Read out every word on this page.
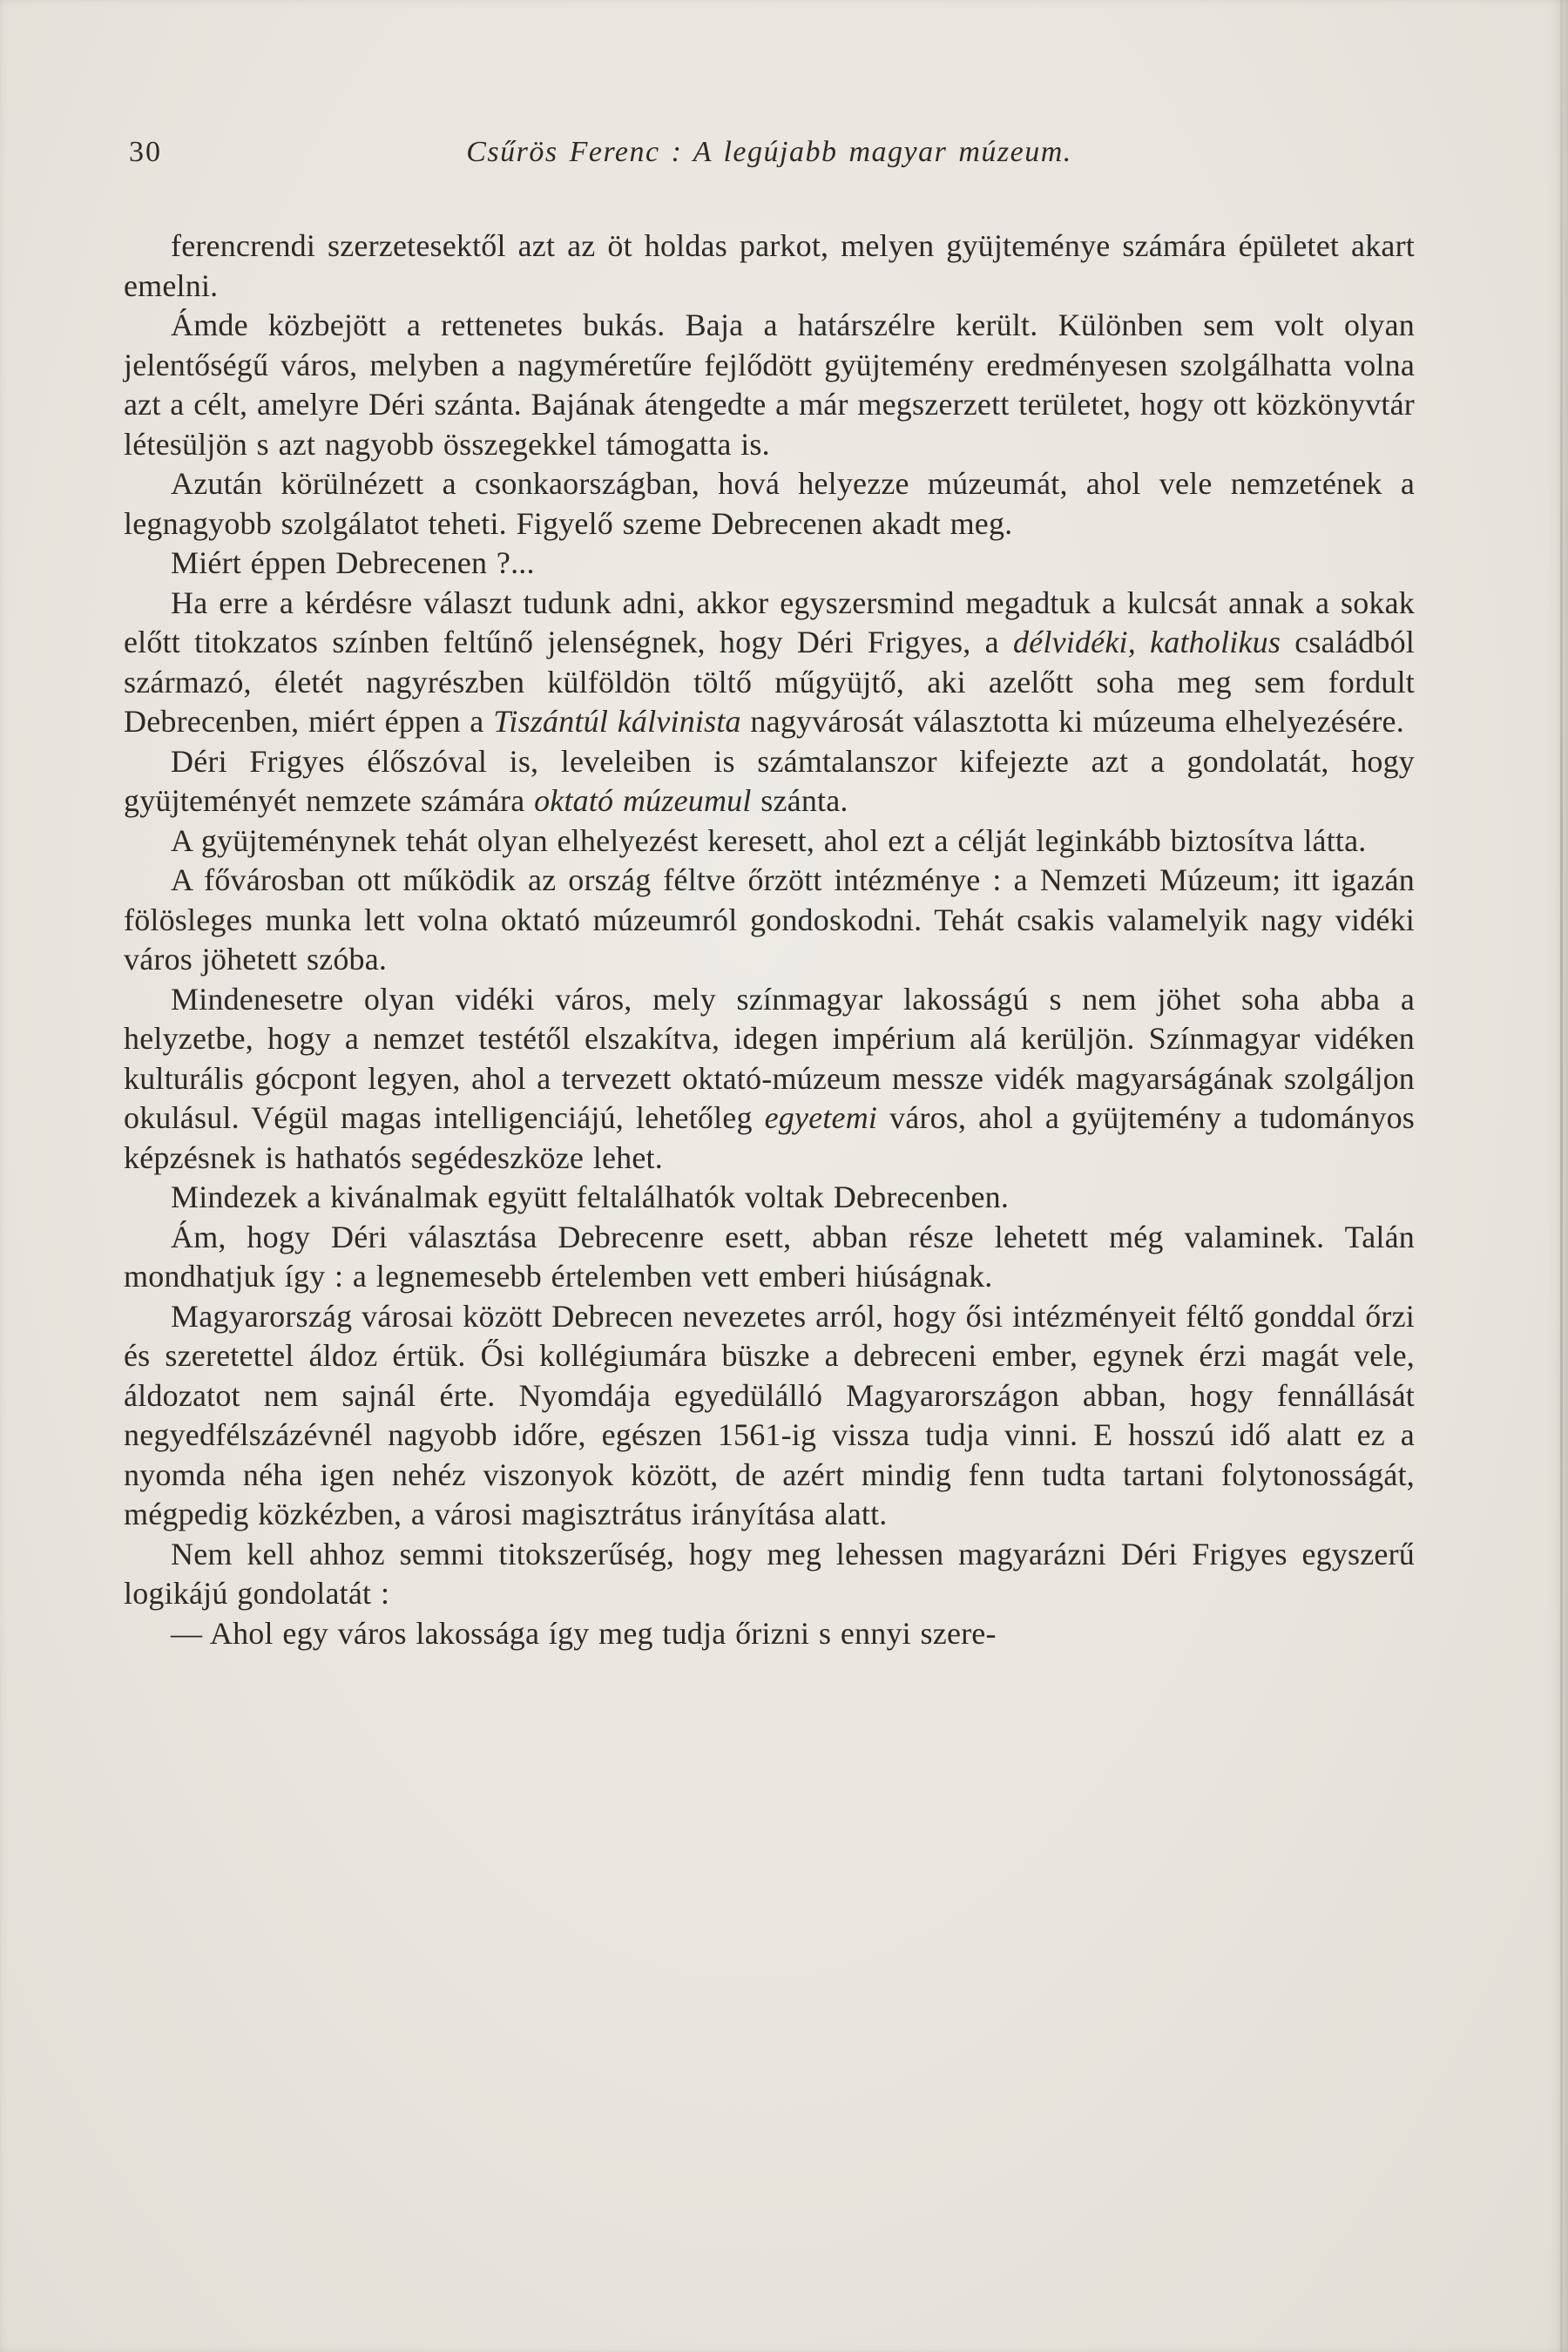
30	Csűrös Ferenc : A legújabb magyar múzeum.

ferencrendi szerzetesektől azt az öt holdas parkot, melyen gyüjteménye számára épületet akart emelni.

Ámde közbejött a rettenetes bukás. Baja a határszélre került. Különben sem volt olyan jelentőségű város, melyben a nagyméretűre fejlődött gyüjtemény eredményesen szolgálhatta volna azt a célt, amelyre Déri szánta. Bajának átengedte a már megszerzett területet, hogy ott közkönyvtár létesüljön s azt nagyobb összegekkel támogatta is.

Azután körülnézett a csonkaországban, hová helyezze múzeumát, ahol vele nemzetének a legnagyobb szolgálatot teheti. Figyelő szeme Debrecenen akadt meg.

Miért éppen Debrecenen ?...

Ha erre a kérdésre választ tudunk adni, akkor egyszersmind megadtuk a kulcsát annak a sokak előtt titokzatos színben feltűnő jelenségnek, hogy Déri Frigyes, a délvidéki, katholikus családból származó, életét nagyrészben külföldön töltő műgyüjtő, aki azelőtt soha meg sem fordult Debrecenben, miért éppen a Tiszántúl kálvinista nagyvárosát választotta ki múzeuma elhelyezésére.

Déri Frigyes élőszóval is, leveleiben is számtalanszor kifejezte azt a gondolatát, hogy gyüjteményét nemzete számára oktató múzeumul szánta.

A gyüjteménynek tehát olyan elhelyezést keresett, ahol ezt a célját leginkább biztosítva látta.

A fővárosban ott működik az ország féltve őrzött intézménye : a Nemzeti Múzeum; itt igazán fölösleges munka lett volna oktató múzeumról gondoskodni. Tehát csakis valamelyik nagy vidéki város jöhetett szóba.

Mindenesetre olyan vidéki város, mely színmagyar lakosságú s nem jöhet soha abba a helyzetbe, hogy a nemzet testétől elszakítva, idegen impérium alá kerüljön. Színmagyar vidéken kulturális gócpont legyen, ahol a tervezett oktató-múzeum messze vidék magyarságának szolgáljon okulásul. Végül magas intelligenciájú, lehetőleg egyetemi város, ahol a gyüjtemény a tudományos képzésnek is hathatós segédeszköze lehet.

Mindezek a kivánalmak együtt feltalálhatók voltak Debrecenben.

Ám, hogy Déri választása Debrecenre esett, abban része lehetett még valaminek. Talán mondhatjuk így : a legnemesebb értelemben vett emberi hiúságnak.

Magyarország városai között Debrecen nevezetes arról, hogy ősi intézményeit féltő gonddal őrzi és szeretettel áldoz értük. Ősi kollégiumára büszke a debreceni ember, egynek érzi magát vele, áldozatot nem sajnál érte. Nyomdája egyedülálló Magyarországon abban, hogy fennállását negyedfélszázévnél nagyobb időre, egészen 1561-ig vissza tudja vinni. E hosszú idő alatt ez a nyomda néha igen nehéz viszonyok között, de azért mindig fenn tudta tartani folytonosságát, mégpedig közkézben, a városi magisztrátus irányítása alatt.

Nem kell ahhoz semmi titokszerűség, hogy meg lehessen magyarázni Déri Frigyes egyszerű logikájú gondolatát :

— Ahol egy város lakossága így meg tudja őrizni s ennyi szere-
